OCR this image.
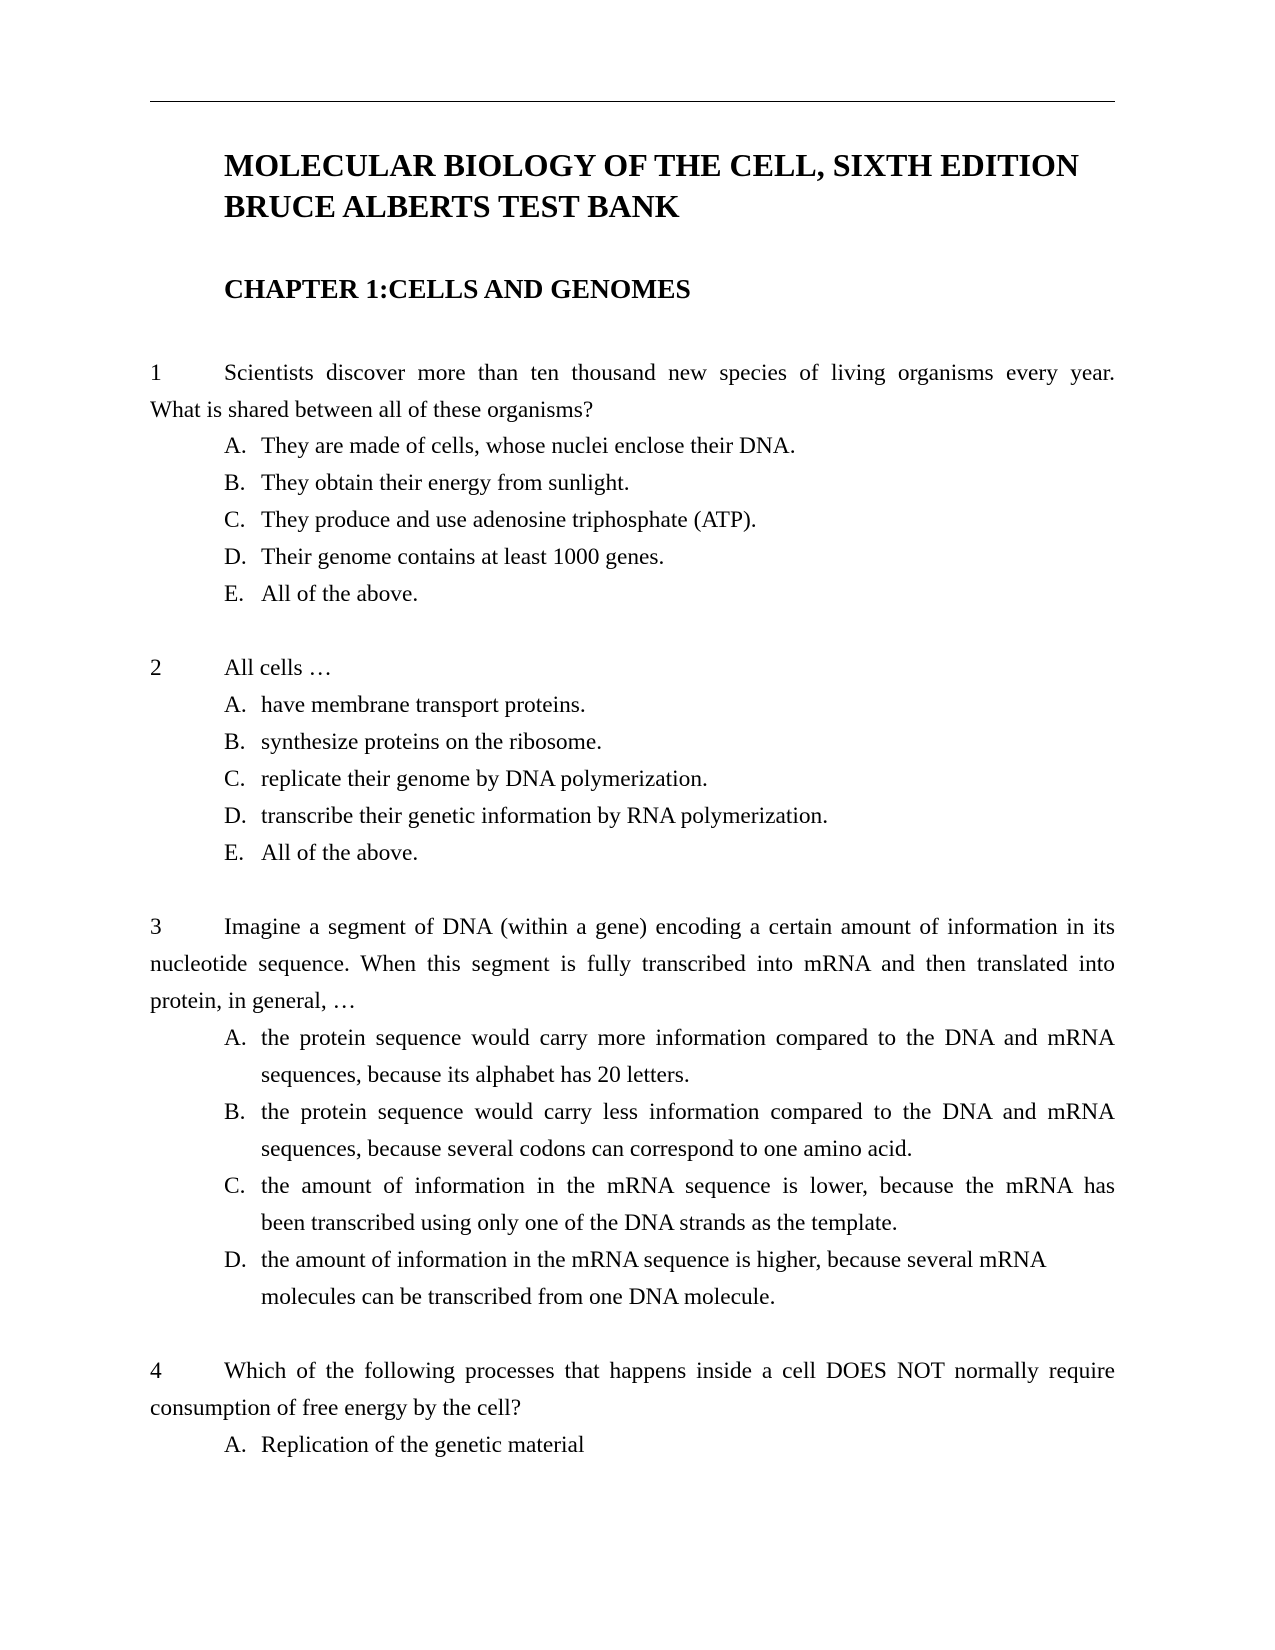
MOLECULAR BIOLOGY OF THE CELL, SIXTH EDITION
BRUCE ALBERTS TEST BANK
CHAPTER 1:CELLS AND GENOMES
1	Scientists discover more than ten thousand new species of living organisms every year.
What is shared between all of these organisms?
A. They are made of cells, whose nuclei enclose their DNA.
B. They obtain their energy from sunlight.
C. They produce and use adenosine triphosphate (ATP).
D. Their genome contains at least 1000 genes.
E. All of the above.
2	All cells …
A. have membrane transport proteins.
B. synthesize proteins on the ribosome.
C. replicate their genome by DNA polymerization.
D. transcribe their genetic information by RNA polymerization.
E. All of the above.
3	Imagine a segment of DNA (within a gene) encoding a certain amount of information in its
nucleotide sequence. When this segment is fully transcribed into mRNA and then translated into
protein, in general, …
A. the protein sequence would carry more information compared to the DNA and mRNA
sequences, because its alphabet has 20 letters.
B. the protein sequence would carry less information compared to the DNA and mRNA
sequences, because several codons can correspond to one amino acid.
C. the amount of information in the mRNA sequence is lower, because the mRNA has
been transcribed using only one of the DNA strands as the template.
D. the amount of information in the mRNA sequence is higher, because several mRNA
molecules can be transcribed from one DNA molecule.
4	Which of the following processes that happens inside a cell DOES NOT normally require
consumption of free energy by the cell?
A. Replication of the genetic material
